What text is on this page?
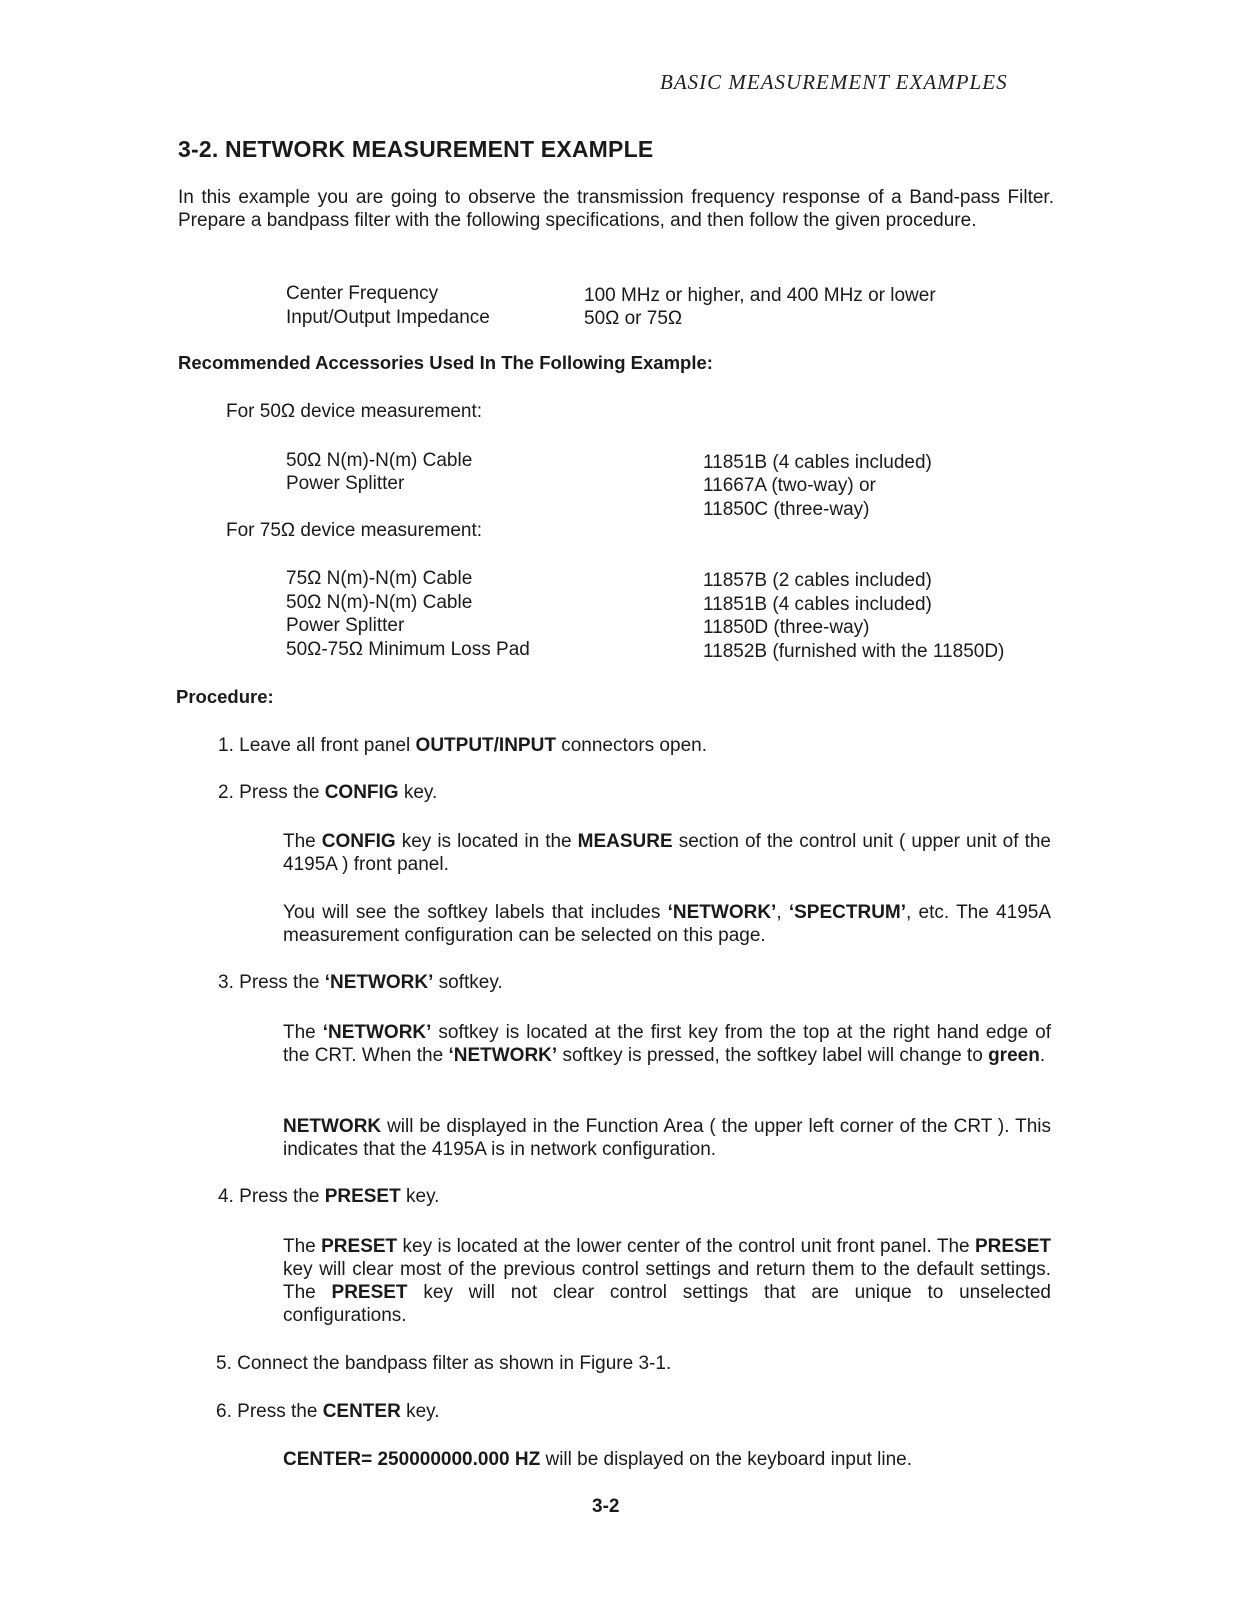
BASIC MEASUREMENT EXAMPLES
3-2. NETWORK MEASUREMENT EXAMPLE
In this example you are going to observe the transmission frequency response of a Band-pass Filter. Prepare a bandpass filter with the following specifications, and then follow the given procedure.
Center Frequency	100 MHz or higher, and 400 MHz or lower
Input/Output Impedance	50Ω or 75Ω
Recommended Accessories Used In The Following Example:
For 50Ω device measurement:
50Ω N(m)-N(m) Cable	11851B (4 cables included)
Power Splitter	11667A (two-way) or
11850C (three-way)
For 75Ω device measurement:
75Ω N(m)-N(m) Cable	11857B (2 cables included)
50Ω N(m)-N(m) Cable	11851B (4 cables included)
Power Splitter	11850D (three-way)
50Ω-75Ω Minimum Loss Pad	11852B (furnished with the 11850D)
Procedure:
1. Leave all front panel OUTPUT/INPUT connectors open.
2. Press the CONFIG key.
The CONFIG key is located in the MEASURE section of the control unit ( upper unit of the 4195A ) front panel.
You will see the softkey labels that includes ‘NETWORK’, ‘SPECTRUM’, etc. The 4195A measurement configuration can be selected on this page.
3. Press the ‘NETWORK’ softkey.
The ‘NETWORK’ softkey is located at the first key from the top at the right hand edge of the CRT. When the ‘NETWORK’ softkey is pressed, the softkey label will change to green.
NETWORK will be displayed in the Function Area ( the upper left corner of the CRT ). This indicates that the 4195A is in network configuration.
4. Press the PRESET key.
The PRESET key is located at the lower center of the control unit front panel. The PRESET key will clear most of the previous control settings and return them to the default settings. The PRESET key will not clear control settings that are unique to unselected configurations.
5. Connect the bandpass filter as shown in Figure 3-1.
6. Press the CENTER key.
CENTER= 250000000.000 HZ will be displayed on the keyboard input line.
3-2
